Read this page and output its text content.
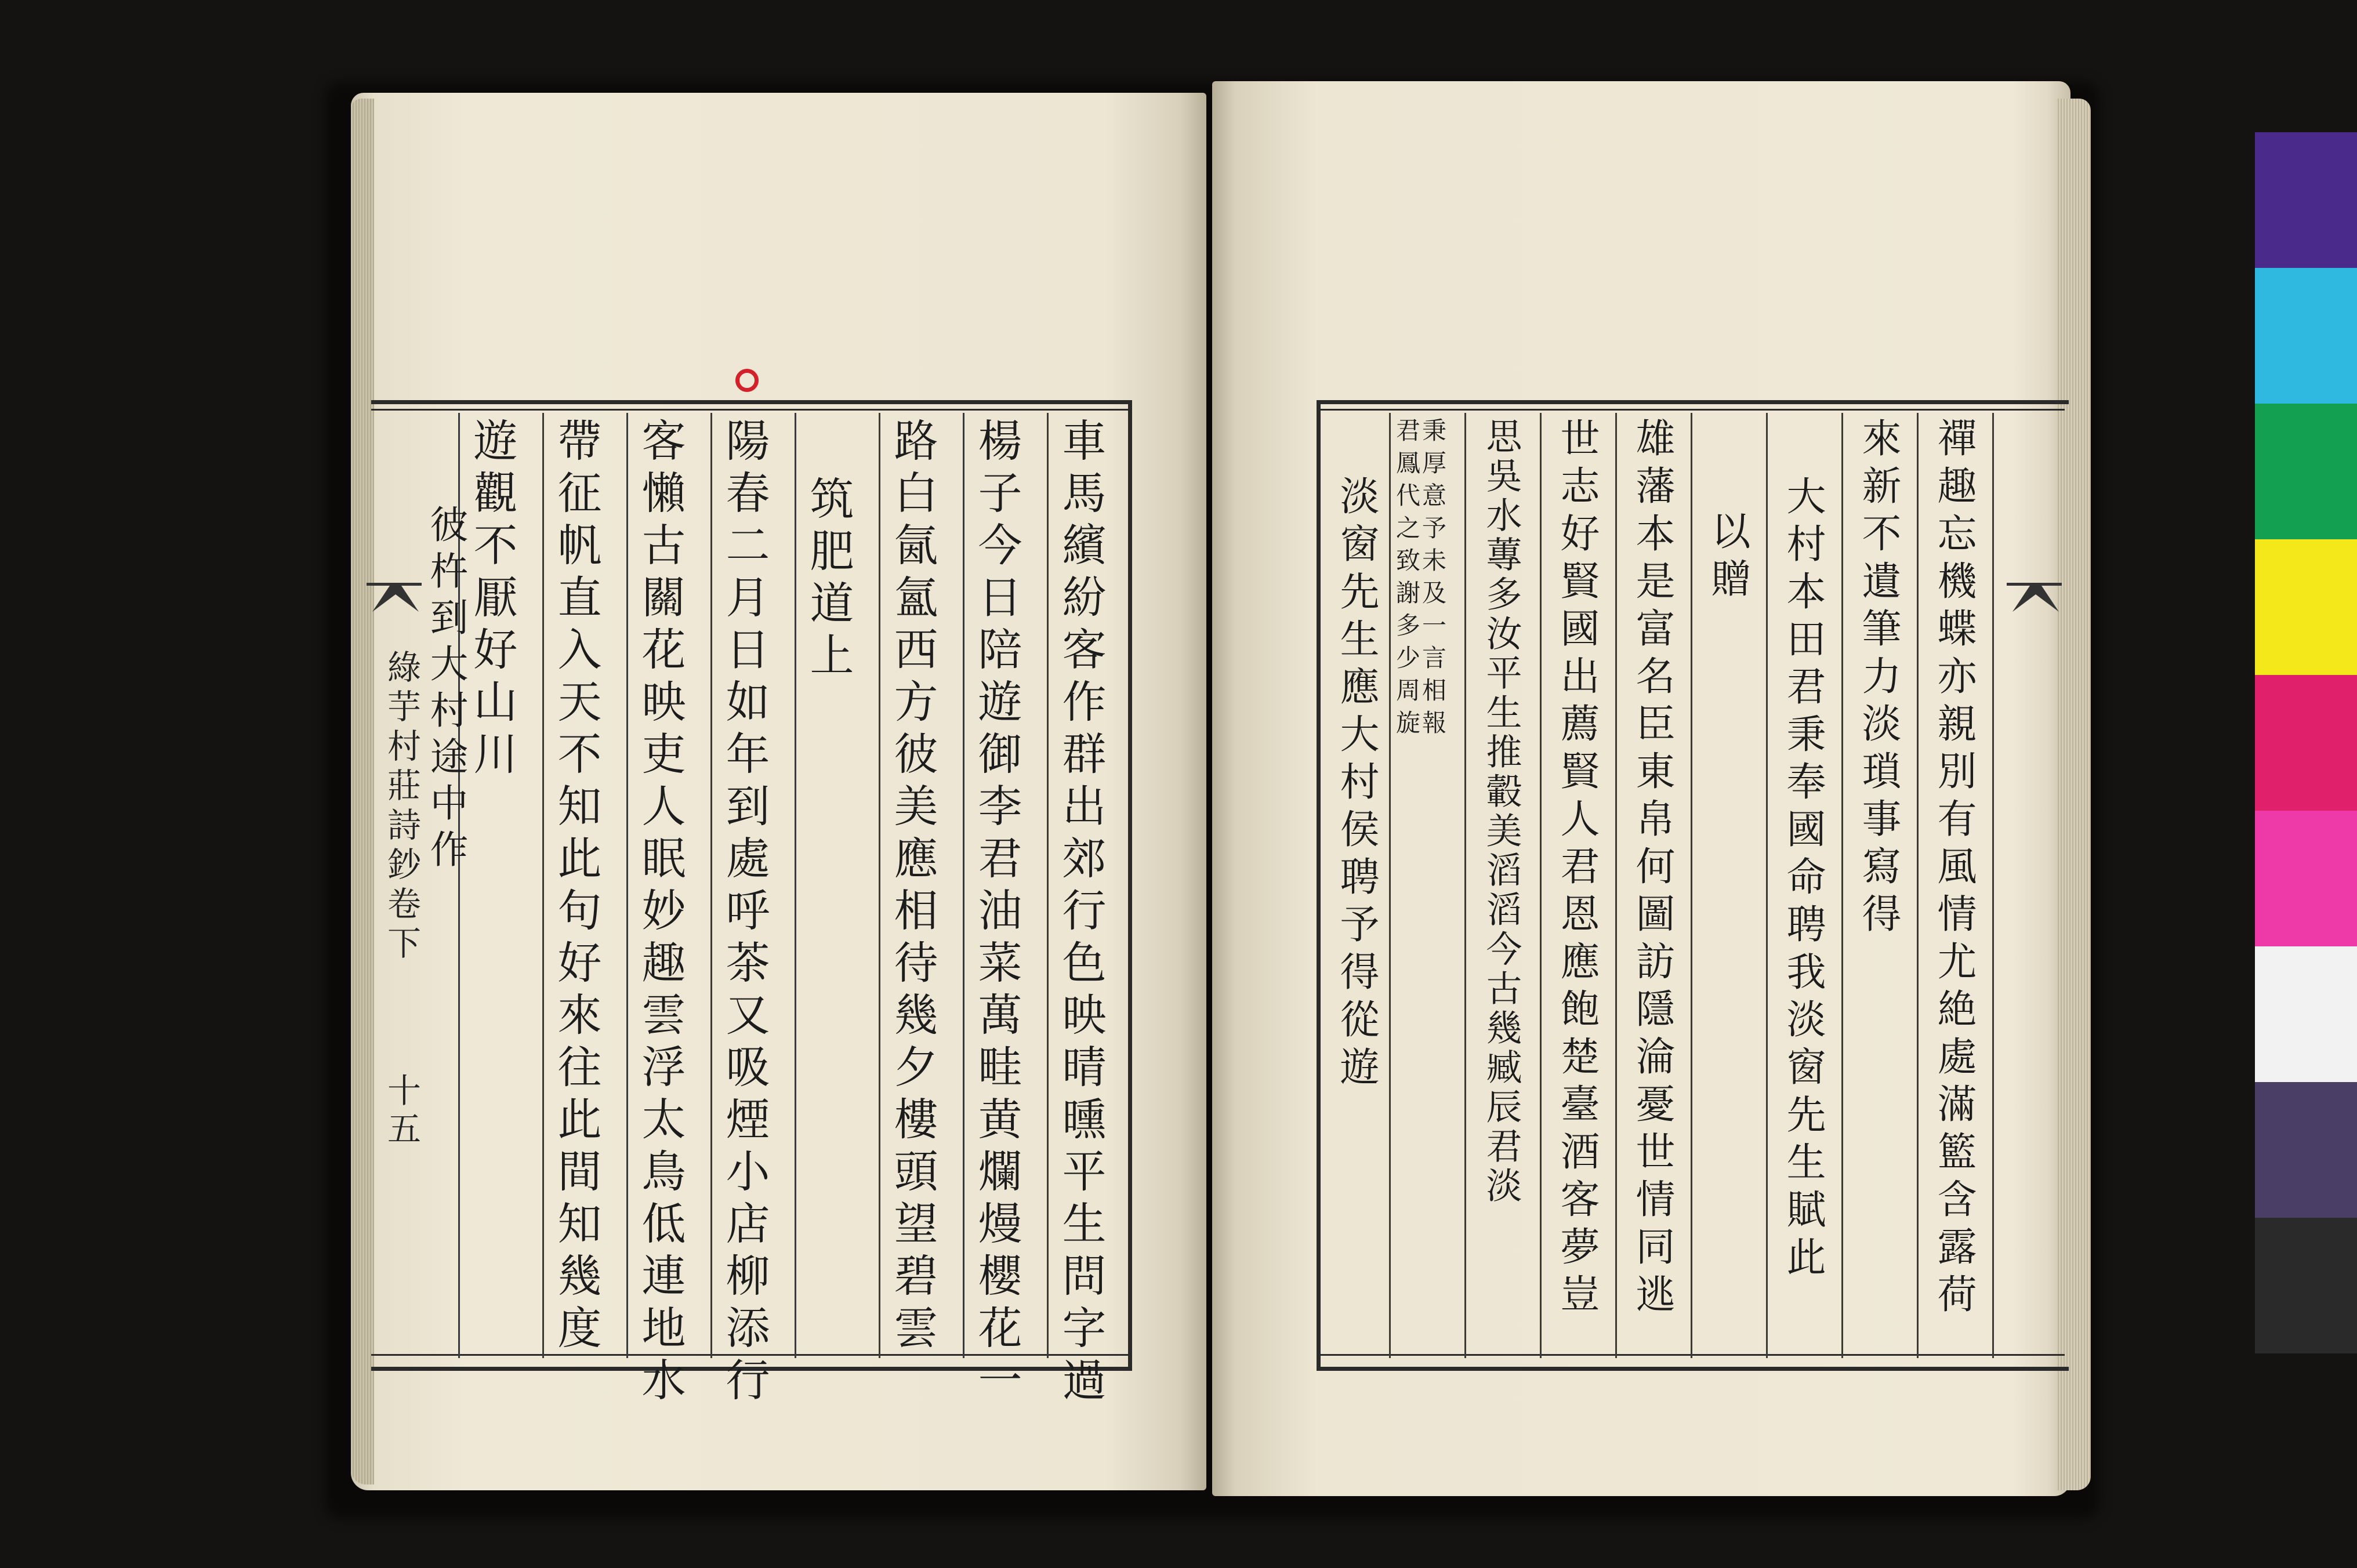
綠芋村莊詩鈔卷下
十五	車馬繽紛客作群出郊行色映晴曛平生問字過
楊子今日陪遊御李君油菜萬畦黄爛熳櫻花一
路白氤氳西方彼美應相待幾夕樓頭望碧雲
筑肥道上
陽春二月日如年到處呼茶又吸煙小店柳添行
客懶古關花映吏人眠妙趣雲浮太鳥低連地水
帶征帆直入天不知此句好來往此間知幾度
遊觀不厭好山川
彼杵到大村途中作	禪趣忘機蝶亦親別有風情尤絶處滿籃含露荷
來新不遺筆力淡瑣事寫得
大村本田君秉奉國命聘我淡窗先生賦此
以贈
雄藩本是富名臣東帛何圖訪隱淪憂世情同逃
世志好賢國出薦賢人君恩應飽楚臺酒客夢豈
思吳水蓴多汝平生推轂美滔滔今古幾臧辰君淡
秉厚意予未及一言相報
君鳳代之致謝多少周旋
淡窗先生應大村侯聘予得從遊
